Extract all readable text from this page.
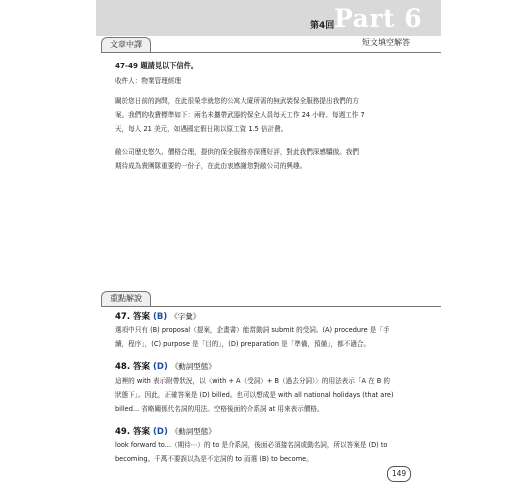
第4回 Part 6
短文填空解答
文章中譯
47-49 題請見以下信件。
收件人：物業管理經理
關於您日前的詢問，在此很榮幸就您的公寓大廈所需的無武裝保全服務提出我們的方
案。我們的收費標準如下：兩名未攜帶武器的保全人員每天工作 24 小時、每週工作 7
天，每人 21 美元，如遇國定假日則以原工資 1.5 倍計費。
敝公司歷史悠久、價格合理，提供的保全服務亦深獲好評，對此我們深感驕傲。我們
期待成為貴團隊重要的一份子，在此由衷感謝您對敝公司的興趣。
重點解說
47. 答案 (B) 《字彙》
選項中只有 (B) proposal（提案，企畫書）能當動詞 submit 的受詞。(A) procedure 是「手
續，程序」，(C) purpose 是「目的」，(D) preparation 是「準備，預備」，都不適合。
48. 答案 (D) 《動詞型態》
這裡的 with 表示附帶狀況，以〈with + A（受詞）+ B（過去分詞）〉的用法表示「A 在 B 的
狀態下」。因此，正確答案是 (D) billed。也可以想成是 with all national holidays (that are)
billed... 省略關係代名詞的用法。空格後面的介系詞 at 用來表示價格。
49. 答案 (D) 《動詞型態》
look forward to...（期待⋯）的 to 是介系詞，後面必須接名詞或動名詞，所以答案是 (D) to
becoming。千萬不要誤以為是不定詞的 to 而選 (B) to become。
149
